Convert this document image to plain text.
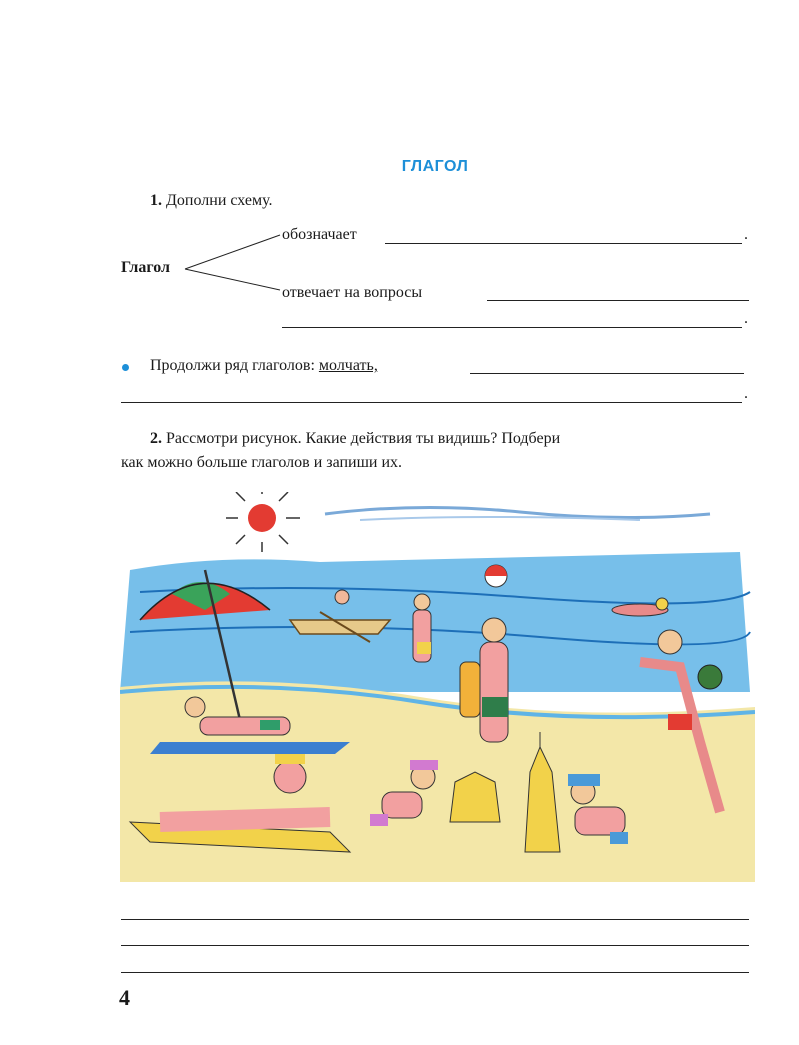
ГЛАГОЛ
1. Дополни схему.
Глагол
обозначает	.
отвечает на вопросы
.
Продолжи ряд глаголов: молчать,
.
2. Рассмотри рисунок. Какие действия ты видишь? Подбери
как можно больше глаголов и запиши их.
4
